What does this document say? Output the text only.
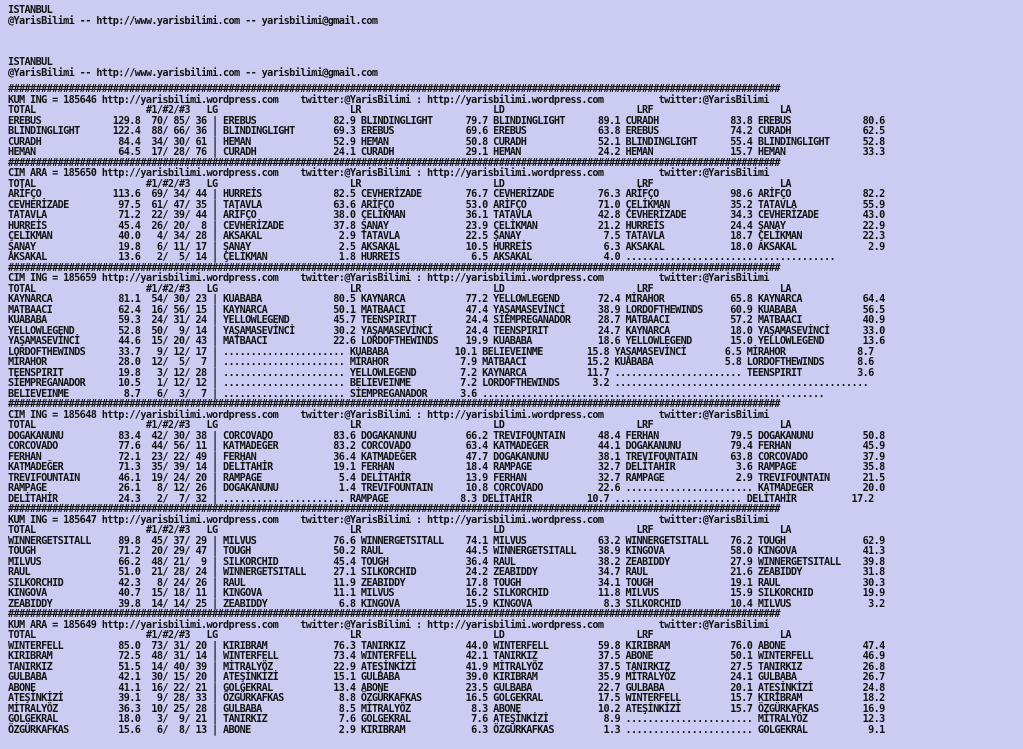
ISTANBUL
@YarisBilimi -- http://www.yarisbilimi.com -- yarisbilimi@gmail.com
ISTANBUL
@YarisBilimi -- http://www.yarisbilimi.com -- yarisbilimi@gmail.com
############################################################################################################################################
KUM ING = 185646 http://yarisbilimi.wordpress.com    twitter:@YarisBilimi : http://yarisbilimi.wordpress.com          twitter:@YarisBilimi
TOTAL                    #1/#2/#3   LG                        LR                        LD                        LRF                       LA
EREBUS             129.8  70/ 85/ 36 | EREBUS              82.9 BLINDINGLIGHT      79.7 BLINDINGLIGHT      89.1 CURADH             83.8 EREBUS             80.6
BLINDINGLIGHT      122.4  88/ 66/ 36 | BLINDINGLIGHT       69.3 EREBUS             69.6 EREBUS             63.8 EREBUS             74.2 CURADH             62.5
CURADH              84.4  34/ 30/ 61 | HEMAN               52.9 HEMAN              50.8 CURADH             52.1 BLINDINGLIGHT      55.4 BLINDINGLIGHT      52.8
HEMAN               64.5  17/ 28/ 76 | CURADH              24.1 CURADH             29.1 HEMAN              24.2 HEMAN              15.7 HEMAN              33.3
############################################################################################################################################
CIM ARA = 185650 http://yarisbilimi.wordpress.com    twitter:@YarisBilimi : http://yarisbilimi.wordpress.com          twitter:@YarisBilimi
TOTAL                    #1/#2/#3   LG                        LR                        LD                        LRF                       LA
ARİFÇO             113.6  69/ 34/ 44 | HURREİS             82.5 CEVHERİZADE        76.7 CEVHERİZADE        76.3 ARİFÇO             98.6 ARİFÇO             82.2
CEVHERİZADE         97.5  61/ 47/ 35 | TATAVLA             63.6 ARİFÇO             53.0 ARİFÇO             71.0 ÇELİKMAN           35.2 TATAVLA            55.9
TATAVLA             71.2  22/ 39/ 44 | ARİFÇO              38.0 ÇELİKMAN           36.1 TATAVLA            42.8 CEVHERİZADE        34.3 CEVHERİZADE        43.0
HURREİS             45.4  26/ 20/  8 | CEVHERİZADE         37.8 ŞANAY              23.9 ÇELİKMAN           21.2 HURREİS            24.4 ŞANAY              22.9
ÇELİKMAN            40.0   4/ 34/ 28 | AKSAKAL              2.9 TATAVLA            22.5 ŞANAY               7.5 TATAVLA            18.7 ÇELİKMAN           22.3
ŞANAY               19.8   6/ 11/ 17 | ŞANAY                2.5 AKSAKAL            10.5 HURREİS             6.3 AKSAKAL            18.0 AKSAKAL             2.9
AKSAKAL             13.6   2/  5/ 14 | ÇELİKMAN             1.8 HURREİS             6.5 AKSAKAL             4.0 ......................................
############################################################################################################################################
CIM ING = 185659 http://yarisbilimi.wordpress.com    twitter:@YarisBilimi : http://yarisbilimi.wordpress.com          twitter:@YarisBilimi
TOTAL                    #1/#2/#3   LG                        LR                        LD                        LRF                       LA
KAYNARCA            81.1  54/ 30/ 23 | KUABABA             80.5 KAYNARCA           77.2 YELLOWLEGEND       72.4 MİRAHOR            65.8 KAYNARCA           64.4
MATBAACI            62.4  16/ 56/ 15 | KAYNARCA            50.1 MATBAACI           47.4 YAŞAMASEVİNCİ      38.9 LORDOFTHEWINDS     60.9 KUABABA            56.5
KUABABA             59.3  24/ 31/ 24 | YELLOWLEGEND        45.7 TEENSPIRIT         24.4 SİEMPREGANADOR     28.7 MATBAACI           57.2 MATBAACI           40.9
YELLOWLEGEND        52.8  50/  9/ 14 | YAŞAMASEVİNCİ       30.2 YAŞAMASEVİNCİ      24.4 TEENSPIRIT         24.7 KAYNARCA           18.0 YAŞAMASEVİNCİ      33.0
YAŞAMASEVİNCİ       44.6  15/ 20/ 43 | MATBAACI            22.6 LORDOFTHEWINDS     19.9 KUABABA            18.6 YELLOWLEGEND       15.0 YELLOWLEGEND       13.6
LORDOFTHEWINDS      33.7   9/ 12/ 17 | ...................... KUABABA            10.1 BELIEVEINME        15.8 YAŞAMASEVİNCİ       6.5 MİRAHOR             8.7
MİRAHOR             28.0  12/  5/  7 | ...................... MİRAHOR             7.9 MATBAACI           15.2 KUABABA             5.8 LORDOFTHEWINDS      8.6
TEENSPIRIT          19.8   3/ 12/ 28 | ...................... YELLOWLEGEND        7.2 KAYNARCA           11.7 ....................... TEENSPIRIT          3.6
SİEMPREGANADOR      10.5   1/ 12/ 12 | ...................... BELIEVEINME         7.2 LORDOFTHEWINDS      3.2 ..............................................
BELIEVEINME          8.7   6/  3/  7 | ...................... SİEMPREGANADOR      3.6 ..............................................................
############################################################################################################################################
CIM ING = 185648 http://yarisbilimi.wordpress.com    twitter:@YarisBilimi : http://yarisbilimi.wordpress.com          twitter:@YarisBilimi
TOTAL                    #1/#2/#3   LG                        LR                        LD                        LRF                       LA
DOGAKANUNU          83.4  42/ 30/ 38 | CORCOVADO           83.6 DOGAKANUNU         66.2 TREVIFOUNTAIN      48.4 FERHAN             79.5 DOGAKANUNU         50.8
CORCOVADO           77.6  44/ 56/ 11 | KATMADEĞER          83.2 CORCOVADO          63.4 KATMADEĞER         44.1 DOGAKANUNU         79.4 FERHAN             45.9
FERHAN              72.1  23/ 22/ 49 | FERHAN              36.4 KATMADEĞER         47.7 DOGAKANUNU         38.1 TREVIFOUNTAIN      63.8 CORCOVADO          37.9
KATMADEĞER          71.3  35/ 39/ 14 | DELİTAHİR           19.1 FERHAN             18.4 RAMPAGE            32.7 DELİTAHİR           3.6 RAMPAGE            35.8
TREVIFOUNTAIN       46.1  19/ 24/ 20 | RAMPAGE              5.4 DELİTAHİR          13.9 FERHAN             32.7 RAMPAGE             2.9 TREVIFOUNTAIN      21.5
RAMPAGE             26.1   8/ 12/ 26 | DOGAKANUNU           1.4 TREVIFOUNTAIN      10.8 CORCOVADO          22.6 ....................... KATMADEĞER         20.0
DELİTAHİR           24.3   2/  7/ 32 | ...................... RAMPAGE             8.3 DELİTAHİR          10.7 ....................... DELİTAHİR          17.2
############################################################################################################################################
KUM ING = 185647 http://yarisbilimi.wordpress.com    twitter:@YarisBilimi : http://yarisbilimi.wordpress.com          twitter:@YarisBilimi
TOTAL                    #1/#2/#3   LG                        LR                        LD                        LRF                       LA
WINNERGETSITALL     89.8  45/ 37/ 29 | MILVUS              76.6 WINNERGETSITALL    74.1 MILVUS             63.2 WINNERGETSITALL    76.2 TOUGH              62.9
TOUGH               71.2  20/ 29/ 47 | TOUGH               50.2 RAUL               44.5 WINNERGETSITALL    38.9 KINGOVA            58.0 KINGOVA            41.3
MILVUS              66.2  48/ 21/  9 | SILKORCHID          45.4 TOUGH              36.4 RAUL               38.2 ZEABIDDY           27.9 WINNERGETSITALL    39.8
RAUL                51.0  21/ 28/ 24 | WINNERGETSITALL     27.1 SILKORCHID         24.2 ZEABIDDY           34.7 RAUL               21.6 ZEABIDDY           31.8
SILKORCHID          42.3   8/ 24/ 26 | RAUL                11.9 ZEABIDDY           17.8 TOUGH              34.1 TOUGH              19.1 RAUL               30.3
KINGOVA             40.7  15/ 18/ 11 | KINGOVA             11.1 MILVUS             16.2 SILKORCHID         11.8 MILVUS             15.9 SILKORCHID         19.9
ZEABIDDY            39.8  14/ 14/ 25 | ZEABIDDY             6.8 KINGOVA            15.9 KINGOVA             8.3 SILKORCHID         10.4 MILVUS              3.2
############################################################################################################################################
KUM ARA = 185649 http://yarisbilimi.wordpress.com    twitter:@YarisBilimi : http://yarisbilimi.wordpress.com          twitter:@YarisBilimi
TOTAL                    #1/#2/#3   LG                        LR                        LD                        LRF                       LA
WINTERFELL          85.0  73/ 31/ 20 | KIRIBRAM            76.3 TANIRKIZ           44.0 WINTERFELL         59.8 KIRIBRAM           76.0 ABONE              47.4
KIRIBRAM            72.5  48/ 31/ 14 | WINTERFELL          73.4 WINTERFELL         42.1 TANIRKIZ           37.5 ABONE              50.1 WINTERFELL         46.9
TANIRKIZ            51.5  14/ 40/ 39 | MİTRALYÖZ           22.9 ATEŞİNKİZİ         41.9 MİTRALYÖZ          37.5 TANIRKIZ           27.5 TANIRKIZ           26.8
GULBABA             42.1  30/ 15/ 20 | ATEŞİNKİZİ          15.1 GULBABA            39.0 KIRIBRAM           35.9 MİTRALYÖZ          24.1 GULBABA            26.7
ABONE               41.1  16/ 22/ 21 | GOLGEKRAL           13.4 ABONE              23.5 GULBABA            22.7 GULBABA            20.1 ATEŞİNKİZİ         24.8
ATEŞİNKİZİ          39.1   9/ 28/ 33 | ÖZGÜRKAFKAS          8.8 ÖZGÜRKAFKAS        16.5 GOLGEKRAL          17.5 WINTERFELL         15.7 KIRIBRAM           18.2
MİTRALYÖZ           36.3  10/ 25/ 28 | GULBABA              8.5 MİTRALYÖZ           8.3 ABONE              10.2 ATEŞİNKİZİ         15.7 ÖZGÜRKAFKAS        16.9
GOLGEKRAL           18.0   3/  9/ 21 | TANIRKIZ             7.6 GOLGEKRAL           7.6 ATEŞİNKİZİ          8.9 ....................... MİTRALYÖZ          12.3
ÖZGÜRKAFKAS         15.6   6/  8/ 13 | ABONE                2.9 KIRIBRAM            6.3 ÖZGÜRKAFKAS         1.3 ....................... GOLGEKRAL           9.1
